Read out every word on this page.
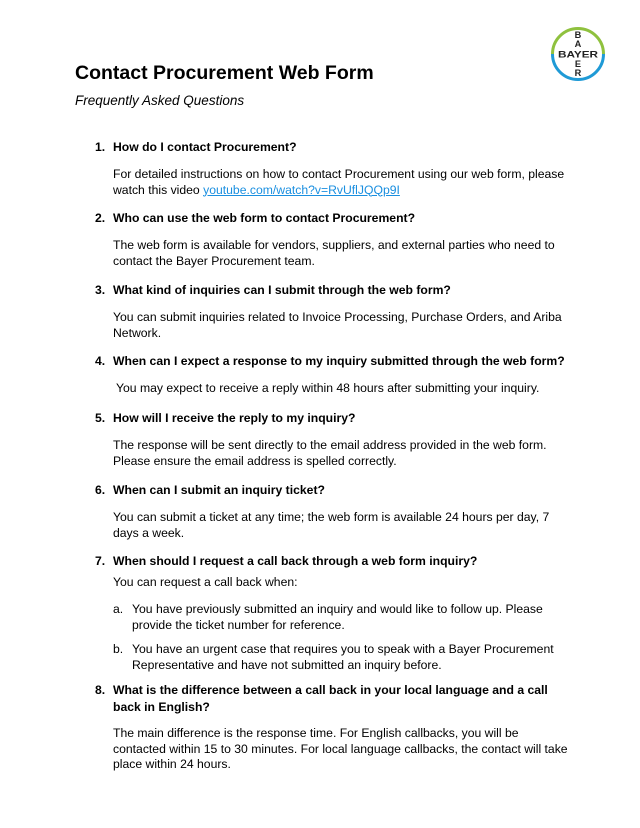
B
A
BAYER
E
R
Contact Procurement Web Form
Frequently Asked Questions
1. How do I contact Procurement?
For detailed instructions on how to contact Procurement using our web form, please watch this video youtube.com/watch?v=RvUflJQQp9I
2. Who can use the web form to contact Procurement?
The web form is available for vendors, suppliers, and external parties who need to contact the Bayer Procurement team.
3. What kind of inquiries can I submit through the web form?
You can submit inquiries related to Invoice Processing, Purchase Orders, and Ariba Network.
4. When can I expect a response to my inquiry submitted through the web form?
You may expect to receive a reply within 48 hours after submitting your inquiry.
5. How will I receive the reply to my inquiry?
The response will be sent directly to the email address provided in the web form. Please ensure the email address is spelled correctly.
6. When can I submit an inquiry ticket?
You can submit a ticket at any time; the web form is available 24 hours per day, 7 days a week.
7. When should I request a call back through a web form inquiry?
You can request a call back when:
a. You have previously submitted an inquiry and would like to follow up. Please provide the ticket number for reference.
b. You have an urgent case that requires you to speak with a Bayer Procurement Representative and have not submitted an inquiry before.
8. What is the difference between a call back in your local language and a call back in English?
The main difference is the response time. For English callbacks, you will be contacted within 15 to 30 minutes. For local language callbacks, the contact will take place within 24 hours.
